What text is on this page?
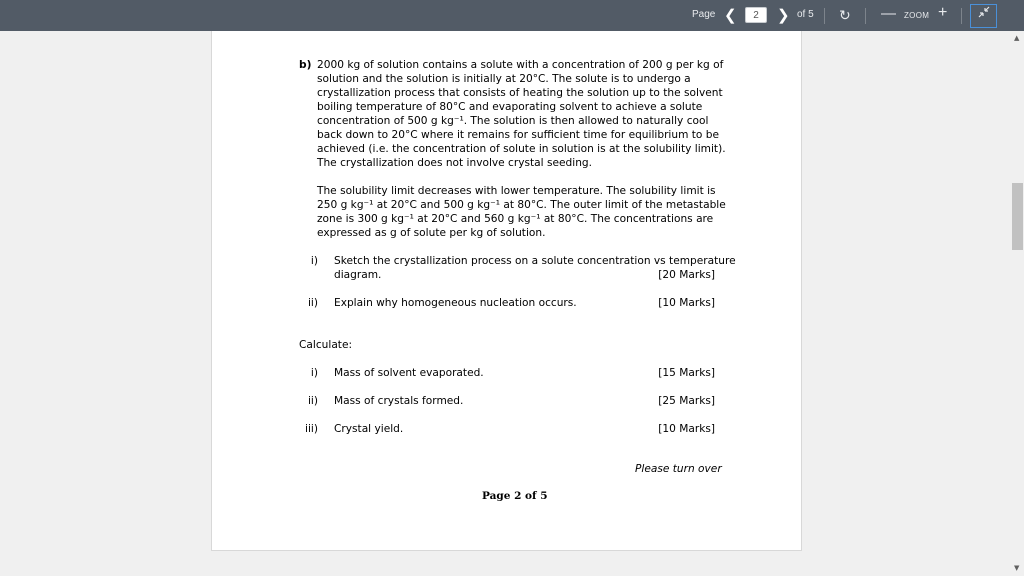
Page ❮	2	❯ of 5 ↻ — ZOOM +
b) 2000 kg of solution contains a solute with a concentration of 200 g per kg of
solution and the solution is initially at 20°C. The solute is to undergo a
crystallization process that consists of heating the solution up to the solvent
boiling temperature of 80°C and evaporating solvent to achieve a solute
concentration of 500 g kg⁻¹. The solution is then allowed to naturally cool
back down to 20°C where it remains for sufficient time for equilibrium to be
achieved (i.e. the concentration of solute in solution is at the solubility limit).
The crystallization does not involve crystal seeding.
The solubility limit decreases with lower temperature. The solubility limit is
250 g kg⁻¹ at 20°C and 500 g kg⁻¹ at 80°C. The outer limit of the metastable
zone is 300 g kg⁻¹ at 20°C and 560 g kg⁻¹ at 80°C. The concentrations are
expressed as g of solute per kg of solution.
i) Sketch the crystallization process on a solute concentration vs temperature
diagram.	[20 Marks]
ii) Explain why homogeneous nucleation occurs.	[10 Marks]
Calculate:
i) Mass of solvent evaporated.	[15 Marks]
ii) Mass of crystals formed.	[25 Marks]
iii) Crystal yield.	[10 Marks]
Please turn over
Page 2 of 5
▲
▼
